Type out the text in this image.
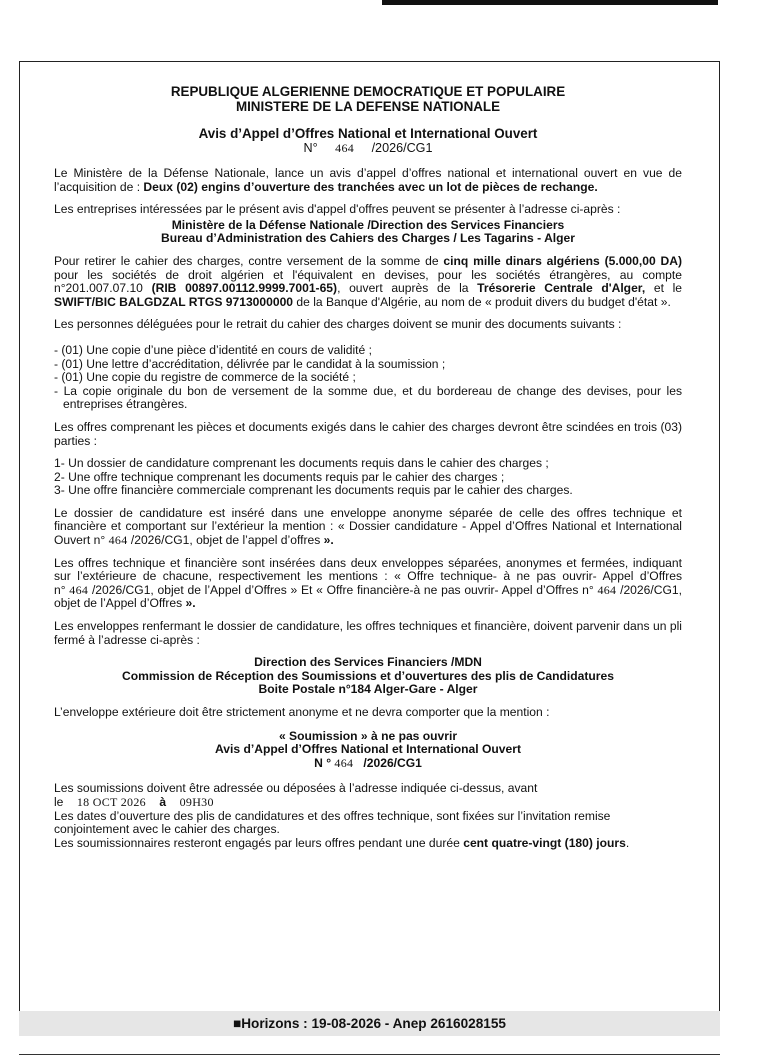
REPUBLIQUE ALGERIENNE DEMOCRATIQUE ET POPULAIRE

MINISTERE DE LA DEFENSE NATIONALE

Avis d’Appel d’Offres National et International Ouvert

N° 464 /2026/CG1

Le Ministère de la Défense Nationale, lance un avis d’appel d’offres national et international ouvert en vue de l’acquisition de : Deux (02) engins d’ouverture des tranchées avec un lot de pièces de rechange.

Les entreprises intéressées par le présent avis d'appel d'offres peuvent se présenter à l’adresse ci-après :

Ministère de la Défense Nationale /Direction des Services Financiers

Bureau d’Administration des Cahiers des Charges / Les Tagarins - Alger

Pour retirer le cahier des charges, contre versement de la somme de cinq mille dinars algériens (5.000,00 DA) pour les sociétés de droit algérien et l'équivalent en devises, pour les sociétés étrangères, au compte n°201.007.07.10 (RIB 00897.00112.9999.7001-65), ouvert auprès de la Trésorerie Centrale d'Alger, et le SWIFT/BIC BALGDZAL RTGS 9713000000 de la Banque d'Algérie, au nom de « produit divers du budget d'état ».

Les personnes déléguées pour le retrait du cahier des charges doivent se munir des documents suivants :

- (01) Une copie d’une pièce d’identité en cours de validité ;
- (01) Une lettre d’accréditation, délivrée par le candidat à la soumission ;
- (01) Une copie du registre de commerce de la société ;
- La copie originale du bon de versement de la somme due, et du bordereau de change des devises, pour les entreprises étrangères.

Les offres comprenant les pièces et documents exigés dans le cahier des charges devront être scindées en trois (03) parties :

1- Un dossier de candidature comprenant les documents requis dans le cahier des charges ;

2- Une offre technique comprenant les documents requis par le cahier des charges ;

3- Une offre financière commerciale comprenant les documents requis par le cahier des charges.

Le dossier de candidature est inséré dans une enveloppe anonyme séparée de celle des offres technique et financière et comportant sur l’extérieur la mention : « Dossier candidature - Appel d’Offres National et International Ouvert n° 464 /2026/CG1, objet de l’appel d’offres ».

Les offres technique et financière sont insérées dans deux enveloppes séparées, anonymes et fermées, indiquant sur l’extérieure de chacune, respectivement les mentions : « Offre technique- à ne pas ouvrir- Appel d’Offres n° 464 /2026/CG1, objet de l’Appel d’Offres » Et « Offre financière-à ne pas ouvrir- Appel d’Offres n° 464 /2026/CG1, objet de l’Appel d’Offres ».

Les enveloppes renfermant le dossier de candidature, les offres techniques et financière, doivent parvenir dans un pli fermé à l’adresse ci-après :

Direction des Services Financiers /MDN

Commission de Réception des Soumissions et d’ouvertures des plis de Candidatures

Boite Postale n°184 Alger-Gare - Alger

L’enveloppe extérieure doit être strictement anonyme et ne devra comporter que la mention :

« Soumission » à ne pas ouvrir

Avis d’Appel d’Offres National et International Ouvert

N ° 464 /2026/CG1

Les soumissions doivent être adressée ou déposées à l’adresse indiquée ci-dessus, avant

le 18 OCT 2026 à 09H30

Les dates d’ouverture des plis de candidatures et des offres technique, sont fixées sur l’invitation remise conjointement avec le cahier des charges.

Les soumissionnaires resteront engagés par leurs offres pendant une durée cent quatre-vingt (180) jours.

■Horizons : 19-08-2026 - Anep 2616028155
